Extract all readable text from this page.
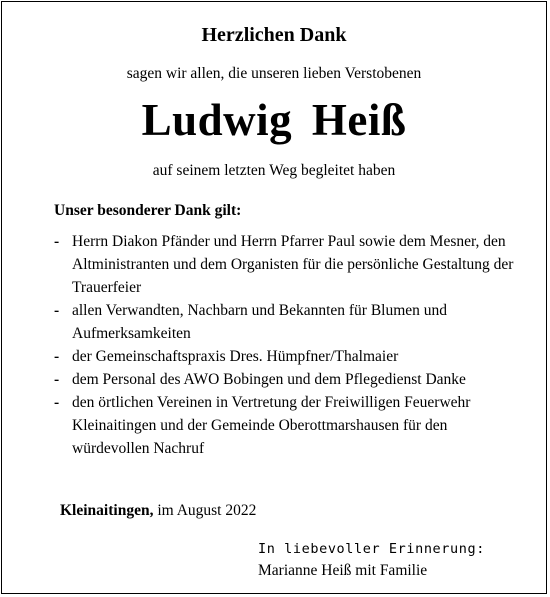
Herzlichen Dank
sagen wir allen, die unseren lieben Verstobenen
Ludwig Heiß
auf seinem letzten Weg begleitet haben
Unser besonderer Dank gilt:
- Herrn Diakon Pfänder und Herrn Pfarrer Paul sowie dem Mesner, den Altministranten und dem Organisten für die persönliche Gestaltung der Trauerfeier
- allen Verwandten, Nachbarn und Bekannten für Blumen und Aufmerksamkeiten
- der Gemeinschaftspraxis Dres. Hümpfner/Thalmaier
- dem Personal des AWO Bobingen und dem Pflegedienst Danke
- den örtlichen Vereinen in Vertretung der Freiwilligen Feuerwehr Kleinaitingen und der Gemeinde Oberottmarshausen für den würdevollen Nachruf
Kleinaitingen, im August 2022
In liebevoller Erinnerung:
Marianne Heiß mit Familie
